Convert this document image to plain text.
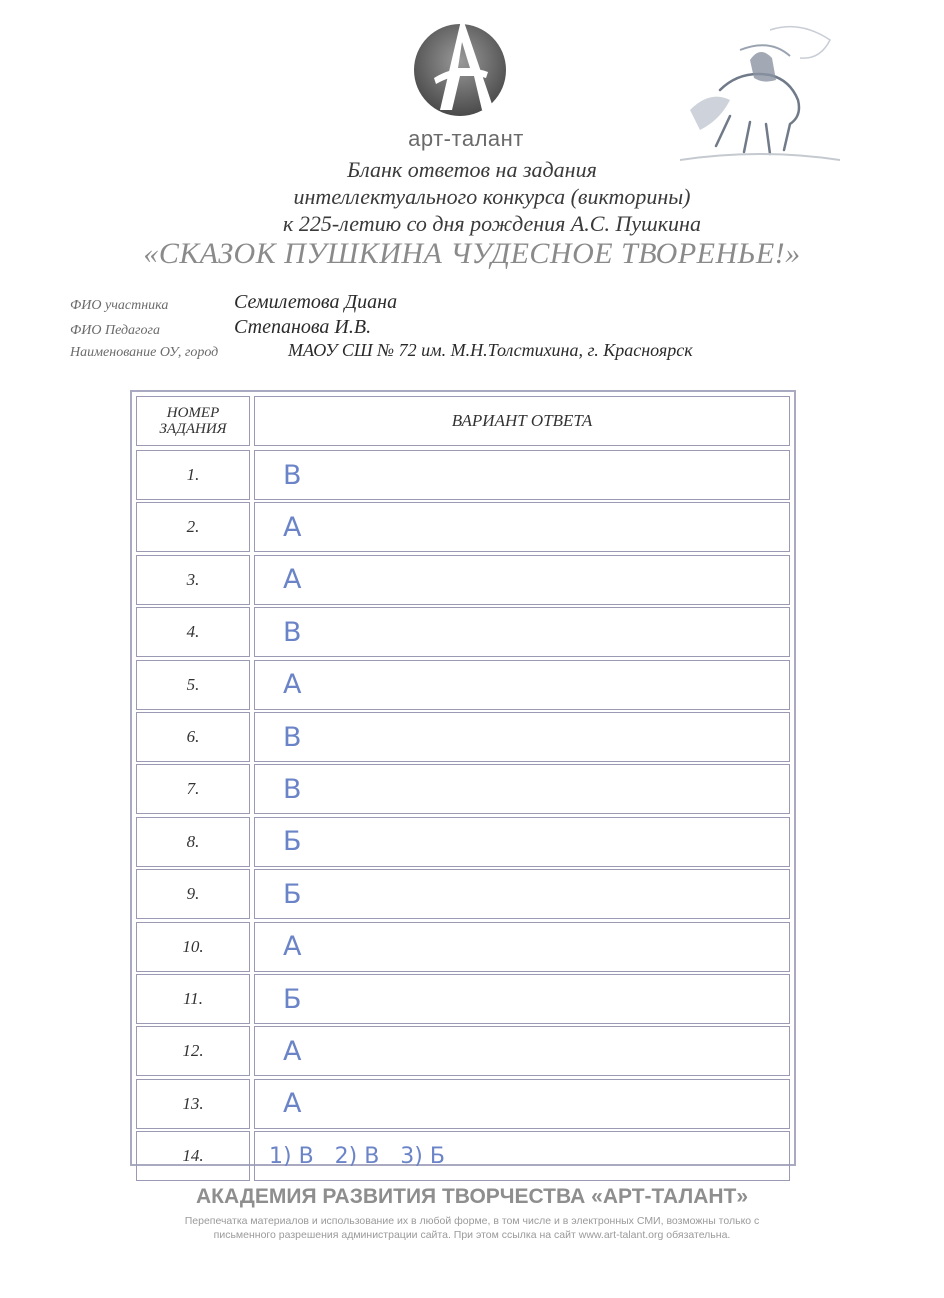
арт-талант
Бланк ответов на задания
интеллектуального конкурса (викторины)
к 225-летию со дня рождения А.С. Пушкина
«СКАЗОК ПУШКИНА ЧУДЕСНОЕ ТВОРЕНЬЕ!»
ФИО участника	Семилетова Диана
ФИО Педагога	Степанова И.В.
Наименование ОУ, город	МАОУ СШ № 72 им. М.Н.Толстихина, г. Красноярск
НОМЕР
ЗАДАНИЯ	ВАРИАНТ ОТВЕТА
1.	В
2.	А
3.	А
4.	В
5.	А
6.	В
7.	В
8.	Б
9.	Б
10.	А
11.	Б
12.	А
13.	А
14.	1) В   2) В   3) Б
АКАДЕМИЯ РАЗВИТИЯ ТВОРЧЕСТВА «АРТ-ТАЛАНТ»
Перепечатка материалов и использование их в любой форме, в том числе и в электронных СМИ, возможны только с
письменного разрешения администрации сайта. При этом ссылка на сайт www.art-talant.org обязательна.
